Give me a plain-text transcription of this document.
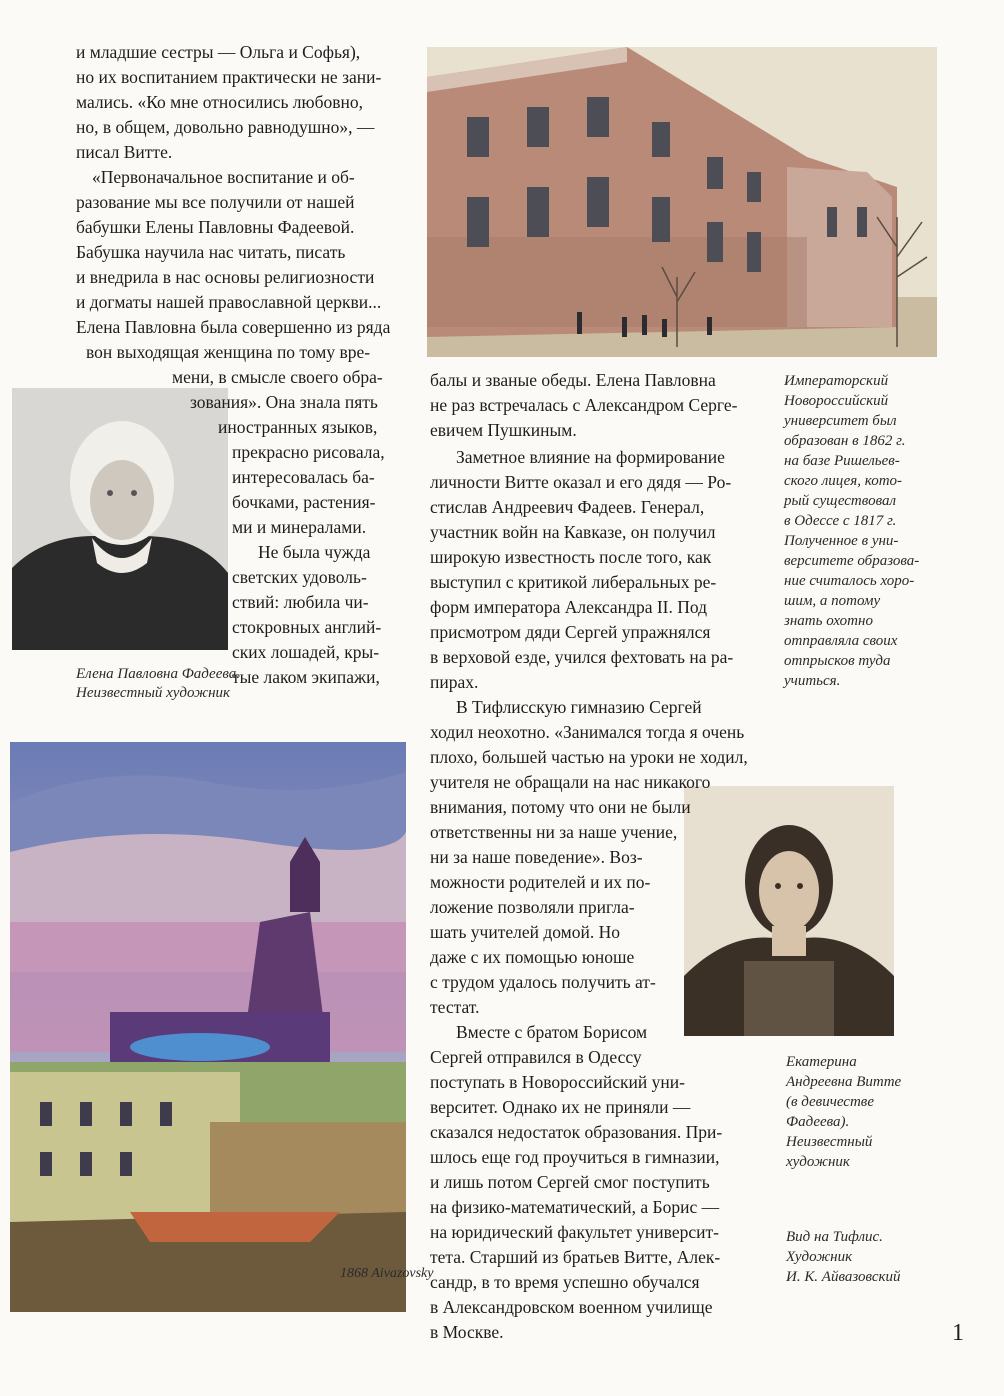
1868 Aivazovsky
и младшие сестры — Ольга и Софья),
но их воспитанием практически не зани-
мались. «Ко мне относились любовно,
но, в общем, довольно равнодушно», —
писал Витте.
«Первоначальное воспитание и об-
разование мы все получили от нашей
бабушки Елены Павловны Фадеевой.
Бабушка научила нас читать, писать
и внедрила в нас основы религиозности
и догматы нашей православной церкви...
Елена Павловна была совершенно из ряда
вон выходящая женщина по тому вре-
мени, в смысле своего обра-
зования». Она знала пять
иностранных языков,
прекрасно рисовала,
интересовалась ба-
бочками, растения-
ми и минералами.
Не была чужда
светских удоволь-
ствий: любила чи-
стокровных англий-
ских лошадей, кры-
тые лаком экипажи,
Елена Павловна Фадеева.
Неизвестный художник
балы и званые обеды. Елена Павловна
не раз встречалась с Александром Серге-
евичем Пушкиным.
Заметное влияние на формирование
личности Витте оказал и его дядя — Ро-
стислав Андреевич Фадеев. Генерал,
участник войн на Кавказе, он получил
широкую известность после того, как
выступил с критикой либеральных ре-
форм императора Александра II. Под
присмотром дяди Сергей упражнялся
в верховой езде, учился фехтовать на ра-
пирах.
В Тифлисскую гимназию Сергей
ходил неохотно. «Занимался тогда я очень
плохо, большей частью на уроки не ходил,
учителя не обращали на нас никакого
внимания, потому что они не были
ответственны ни за наше учение,
ни за наше поведение». Воз-
можности родителей и их по-
ложение позволяли пригла-
шать учителей домой. Но
даже с их помощью юноше
с трудом удалось получить ат-
тестат.
Вместе с братом Борисом
Сергей отправился в Одессу
поступать в Новороссийский уни-
верситет. Однако их не приняли —
сказался недостаток образования. При-
шлось еще год проучиться в гимназии,
и лишь потом Сергей смог поступить
на физико-математический, а Борис —
на юридический факультет университ-
тета. Старший из братьев Витте, Алек-
сандр, в то время успешно обучался
в Александровском военном училище
в Москве.
Императорский
Новороссийский
университет был
образован в 1862 г.
на базе Ришельев-
ского лицея, кото-
рый существовал
в Одессе с 1817 г.
Полученное в уни-
верситете образова-
ние считалось хоро-
шим, а потому
знать охотно
отправляла своих
отпрысков туда
учиться.
Екатерина
Андреевна Витте
(в девичестве
Фадеева).
Неизвестный
художник
Вид на Тифлис.
Художник
И. К. Айвазовский
1
